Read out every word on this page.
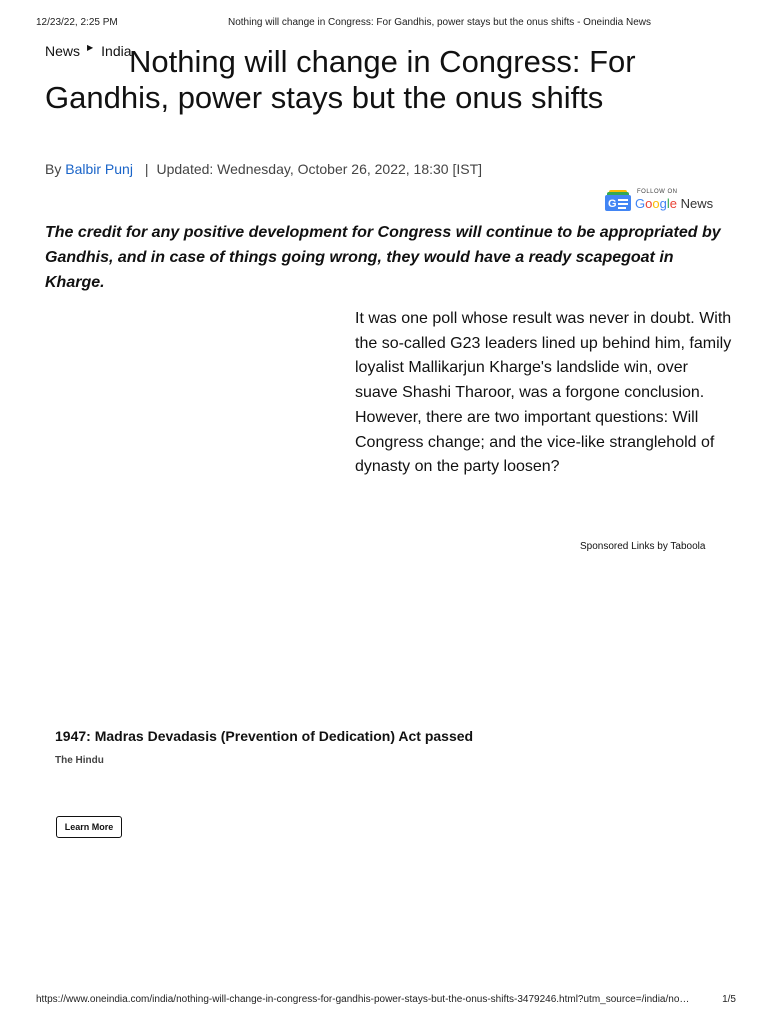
12/23/22, 2:25 PM	Nothing will change in Congress: For Gandhis, power stays but the onus shifts - Oneindia News
News ▶ India
Nothing will change in Congress: For Gandhis, power stays but the onus shifts
By Balbir Punj | Updated: Wednesday, October 26, 2022, 18:30 [IST]
G
FOLLOW ON
Google News

The credit for any positive development for Congress will continue to be appropriated by Gandhis, and in case of things going wrong, they would have a ready scapegoat in Kharge.

It was one poll whose result was never in doubt. With the so-called G23 leaders lined up behind him, family loyalist Mallikarjun Kharge's landslide win, over suave Shashi Tharoor, was a forgone conclusion. However, there are two important questions: Will Congress change; and the vice-like stranglehold of dynasty on the party loosen?

Sponsored Links by Taboola
1947: Madras Devadasis (Prevention of Dedication) Act passed
The Hindu
Learn More
https://www.oneindia.com/india/nothing-will-change-in-congress-for-gandhis-power-stays-but-the-onus-shifts-3479246.html?utm_source=/india/no…	1/5
